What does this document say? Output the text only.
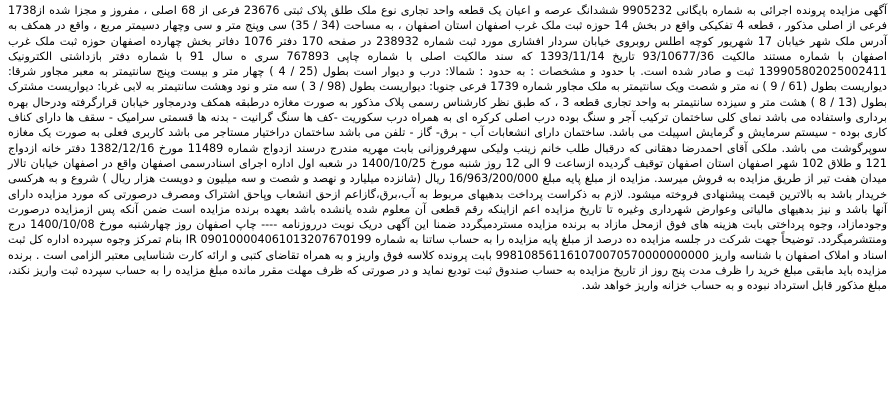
آگهی مزایده پرونده اجرائی به شماره بایگانی 9905232 ششدانگ عرصه و اعیان یک قطعه واحد تجاری نوع ملک طلق پلاک ثبتی 23676 فرعی از 68 اصلی ، مفروز و مجزا شده از1738 فرعی از اصلی مذکور ، قطعه 4 تفکیکی واقع در بخش 14 حوزه ثبت ملک غرب اصفهان استان اصفهان ، به مساحت (34 / 35) سی وپنج متر و سی وچهار دسیمتر مربع ، واقع در همکف به آدرس ملک شهر خیابان 17 شهریور کوچه اطلس روبروی خیابان سردار افشاری مورد ثبت شماره 238932 در صفحه 170 دفتر 1076 دفاتر بخش چهارده اصفهان حوزه ثبت ملک غرب اصفهان با شماره مستند مالکیت 93/10677/36 تاریخ 1393/11/14 که سند مالکیت اصلی با شماره چاپی 767893 سری ه سال 91 با شماره دفتر بازداشتی الکترونیک 139905802025002411 ثبت و صادر شده است. با حدود و مشخصات : به حدود : شمالا: درب و دیوار است بطول (25 / 4 ) چهار متر و بیست وپنج سانتیمتر به معبر مجاور شرقا: دیواریست بطول (61 / 9 ) نه متر و شصت ویک سانتیمتر به ملک مجاور شماره 1739 فرعی جنوبا: دیواریست بطول (98 / 3 ) سه متر و نود وهشت سانتیمتر به لابی غربا: دیواریست مشترک بطول (13 / 8 ) هشت متر و سیزده سانتیمتر به واحد تجاری قطعه 3 ، که طبق نظر کارشناس رسمی پلاک مذکور به صورت مغازه درطبقه همکف ودرمجاور خیابان قرارگرفته ودرحال بهره برداری واستفاده می باشد نمای کلی ساختمان ترکیب آجر و سنگ بوده درب اصلی کرکره ای به همراه درب سکوریت -کف ها سنگ گرانیت - بدنه ها قسمتی سرامیک - سقف ها دارای کناف کاری بوده - سیستم سرمایش و گرمایش اسپیلت می باشد. ساختمان دارای انشعابات آب - برق- گاز - تلفن می باشد ساختمان دراختیار مستاجر می باشد کاربری فعلی به صورت یک مغازه سوپرگوشت می باشد. ملکی آقای احمدرضا دهقانی که درقبال طلب خانم زینب ولیکی سهرفروزانی بابت مهریه مندرج درسند ازدواج شماره 11489 مورخ 1382/12/16 دفتر خانه ازدواج 121 و طلاق 102 شهر اصفهان استان اصفهان توقیف گردیده ازساعت 9 الی 12 روز شنبه مورخ 1400/10/25 در شعبه اول اداره اجرای اسنادرسمی اصفهان واقع در اصفهان خیابان تالار میدان هفت تیر از طریق مزایده به فروش میرسد. مزایده از مبلغ پایه مبلغ 16/963/200/000 ریال (شانزده میلیارد و نهصد و شصت و سه میلیون و دویست هزار ریال ) شروع و به هرکسی خریدار باشد به بالاترین قیمت پیشنهادی فروخته میشود. لازم به ذکراست پرداخت بدهیهای مربوط به آب،برق،گازاعم ازحق انشعاب وپاحق اشتراک ومصرف درصورتی که مورد مزایده دارای آنها باشد و نیز بدهیهای مالیاتی وعوارض شهرداری وغیره تا تاریخ مزایده اعم ازاینکه رقم قطعی آن معلوم شده یانشده باشد بعهده برنده مزایده است ضمن آنکه پس ازمزایده درصورت وجودمازاد، وجوه پرداختی بابت هزینه های فوق ازمحل مازاد به برنده مزایده مستردمیگردد ضمنا این آگهی دریک نوبت درروزنامه ---- چاپ اصفهان روز چهارشنبه مورخ 1400/10/08 درج ومنتشرمیگردد. توضیحاً جهت شرکت در جلسه مزایده ده درصد از مبلغ پایه مزایده را به حساب ساتنا به شماره IR 090100004061013207670199 بنام تمرکز وجوه سپرده اداره کل ثبت اسناد و املاک اصفهان با شناسه واریز 998108561161070070570000000000 بابت پرونده کلاسه فوق واریز و به همراه تقاضای کتبی و ارائه کارت شناسایی معتبر الزامی است . برنده مزایده باید مابقی مبلغ خرید را ظرف مدت پنج روز از تاریخ مزایده به حساب صندوق ثبت تودیع نماید و در صورتی که ظرف مهلت مقرر مانده مبلغ مزایده را به حساب سپرده ثبت واریز نکند، مبلغ مذکور قابل استرداد نبوده و به حساب خزانه واریز خواهد شد.
